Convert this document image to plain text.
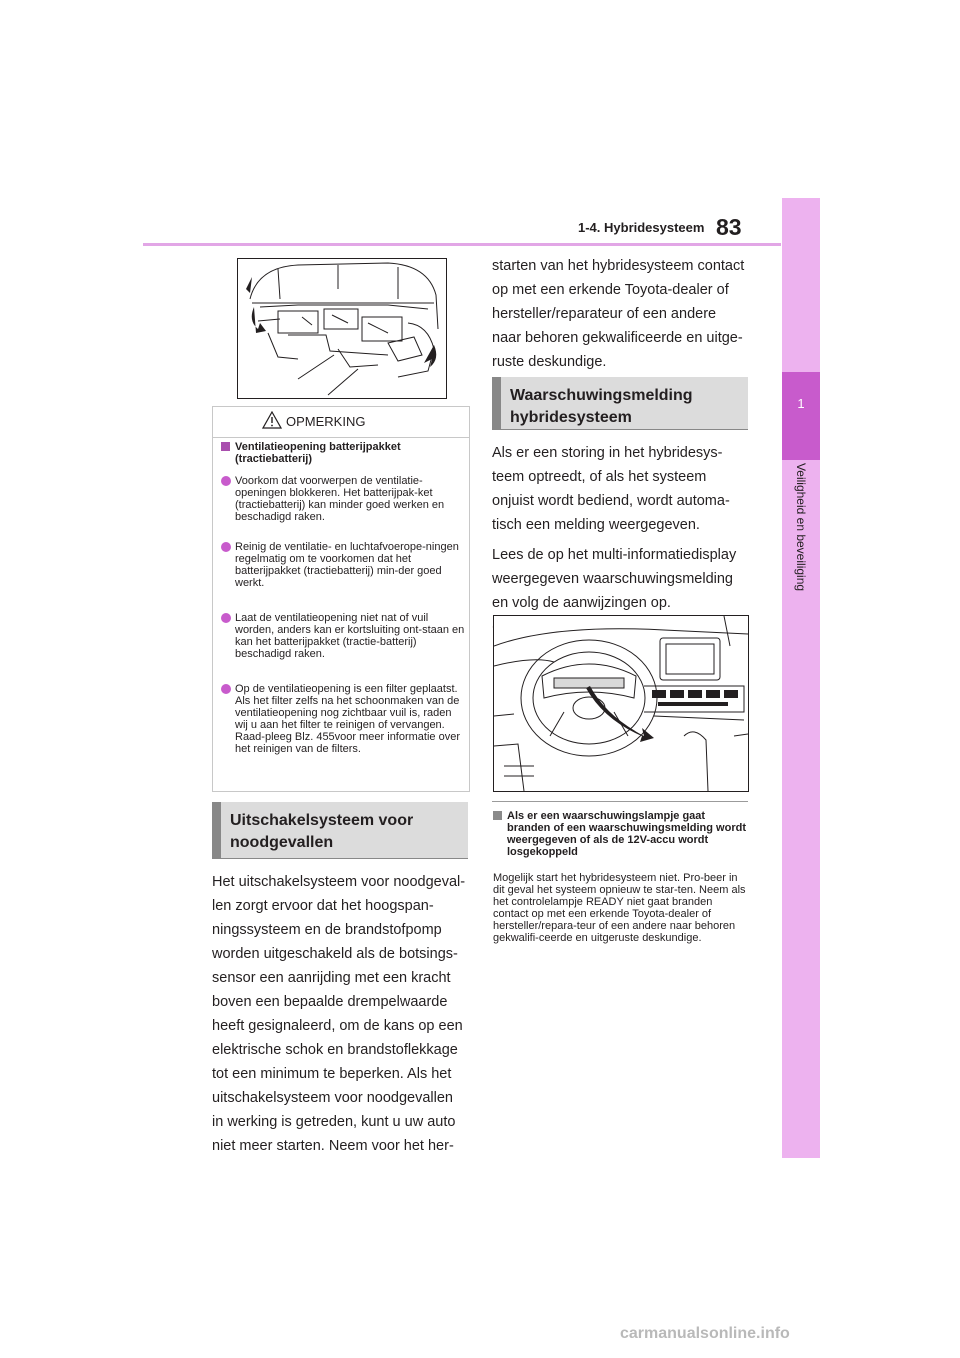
1-4. Hybridesysteem 83
1
Veiligheid en beveiliging
OPMERKING
Ventilatieopening batterijpakket (tractiebatterij)
Voorkom dat voorwerpen de ventilatie-openingen blokkeren. Het batterijpak-ket (tractiebatterij) kan minder goed werken en beschadigd raken.
Reinig de ventilatie- en luchtafvoerope-ningen regelmatig om te voorkomen dat het batterijpakket (tractiebatterij) min-der goed werkt.
Laat de ventilatieopening niet nat of vuil worden, anders kan er kortsluiting ont-staan en kan het batterijpakket (tractie-batterij) beschadigd raken.
Op de ventilatieopening is een filter geplaatst. Als het filter zelfs na het schoonmaken van de ventilatieopening nog zichtbaar vuil is, raden wij u aan het filter te reinigen of vervangen. Raad-pleeg Blz. 455voor meer informatie over het reinigen van de filters.
Uitschakelsysteem voor
noodgevallen
Het uitschakelsysteem voor noodgeval-len zorgt ervoor dat het hoogspan-ningssysteem en de brandstofpomp worden uitgeschakeld als de botsings-sensor een aanrijding met een kracht boven een bepaalde drempelwaarde heeft gesignaleerd, om de kans op een elektrische schok en brandstoflekkage tot een minimum te beperken. Als het uitschakelsysteem voor noodgevallen in werking is getreden, kunt u uw auto niet meer starten. Neem voor het her-
starten van het hybridesysteem contact op met een erkende Toyota-dealer of hersteller/reparateur of een andere naar behoren gekwalificeerde en uitge-ruste deskundige.
Waarschuwingsmelding
hybridesysteem
Als er een storing in het hybridesys-teem optreedt, of als het systeem onjuist wordt bediend, wordt automa-tisch een melding weergegeven.
Lees de op het multi-informatiedisplay weergegeven waarschuwingsmelding en volg de aanwijzingen op.
Als er een waarschuwingslampje gaat branden of een waarschuwingsmelding wordt weergegeven of als de 12V-accu wordt losgekoppeld
Mogelijk start het hybridesysteem niet. Pro-beer in dit geval het systeem opnieuw te star-ten. Neem als het controlelampje READY niet gaat branden contact op met een erkende Toyota-dealer of hersteller/repara-teur of een andere naar behoren gekwalifi-ceerde en uitgeruste deskundige.
carmanualsonline.info
